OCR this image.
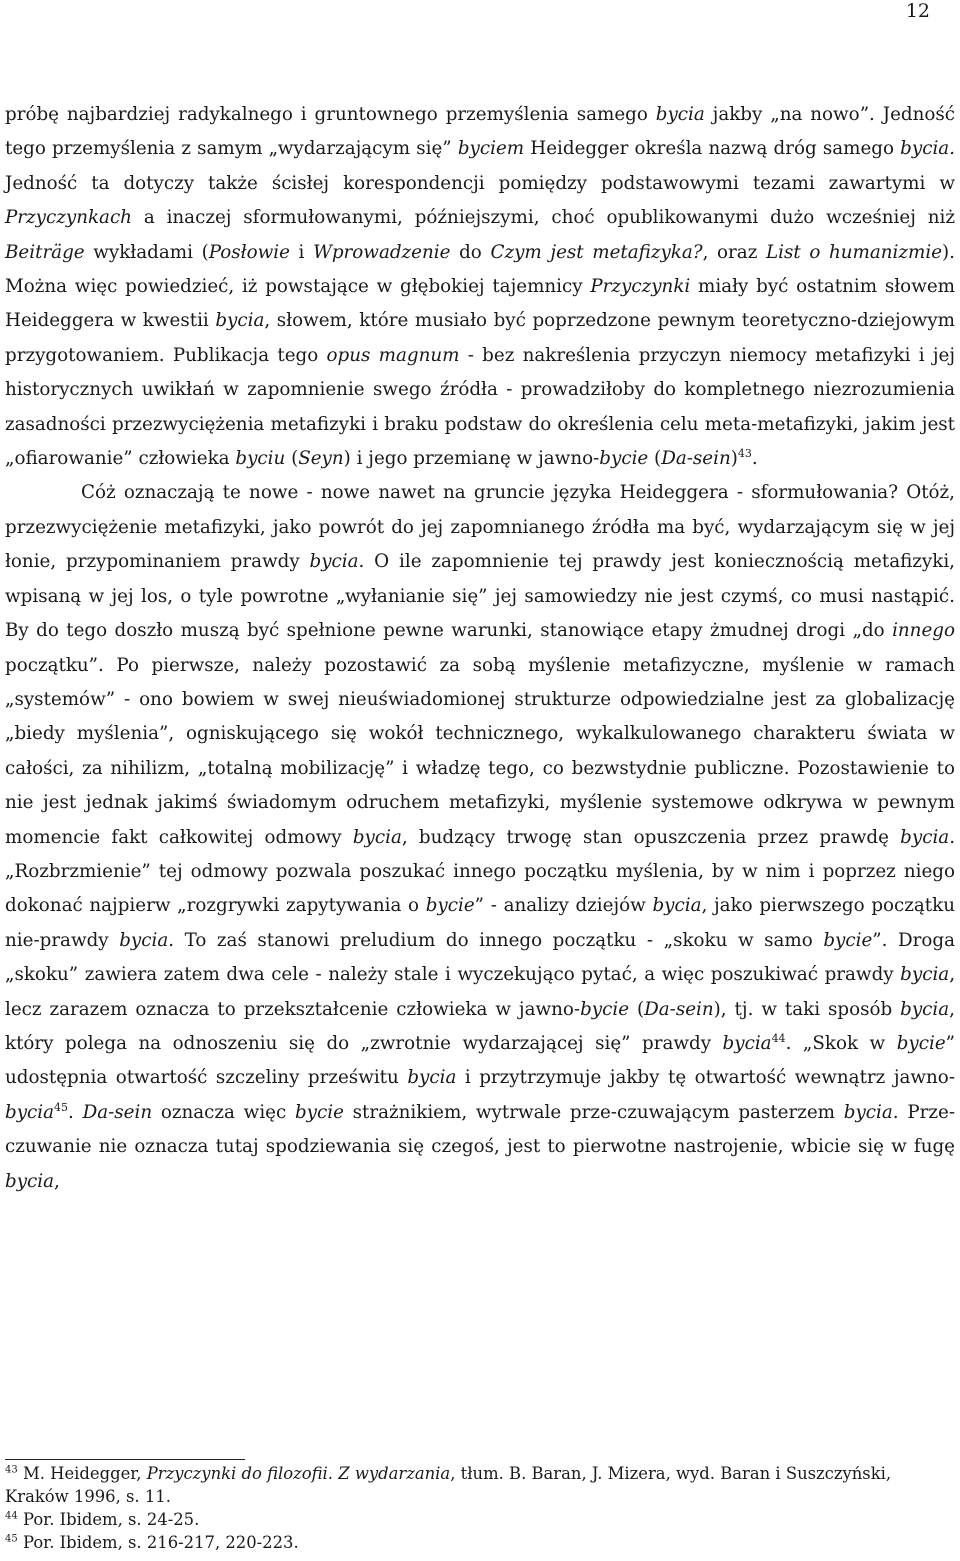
12

próbę najbardziej radykalnego i gruntownego przemyślenia samego bycia jakby „na nowo”. Jedność tego przemyślenia z samym „wydarzającym się” byciem Heidegger określa nazwą dróg samego bycia. Jedność ta dotyczy także ścisłej korespondencji pomiędzy podstawowymi tezami zawartymi w Przyczynkach a inaczej sformułowanymi, późniejszymi, choć opublikowanymi dużo wcześniej niż Beiträge wykładami (Posłowie i Wprowadzenie do Czym jest metafizyka?, oraz List o humanizmie). Można więc powiedzieć, iż powstające w głębokiej tajemnicy Przyczynki miały być ostatnim słowem Heideggera w kwestii bycia, słowem, które musiało być poprzedzone pewnym teoretyczno-dziejowym przygotowaniem. Publikacja tego opus magnum - bez nakreślenia przyczyn niemocy metafizyki i jej historycznych uwikłań w zapomnienie swego źródła - prowadziłoby do kompletnego niezrozumienia zasadności przezwyciężenia metafizyki i braku podstaw do określenia celu meta-metafizyki, jakim jest „ofiarowanie” człowieka byciu (Seyn) i jego przemianę w jawno-bycie (Da-sein)$^{43}$.

Cóż oznaczają te nowe - nowe nawet na gruncie języka Heideggera - sformułowania? Otóż, przezwyciężenie metafizyki, jako powrót do jej zapomnianego źródła ma być, wydarzającym się w jej łonie, przypominaniem prawdy bycia. O ile zapomnienie tej prawdy jest koniecznością metafizyki, wpisaną w jej los, o tyle powrotne „wyłanianie się” jej samowiedzy nie jest czymś, co musi nastąpić. By do tego doszło muszą być spełnione pewne warunki, stanowiące etapy żmudnej drogi „do innego początku”. Po pierwsze, należy pozostawić za sobą myślenie metafizyczne, myślenie w ramach „systemów” - ono bowiem w swej nieuświadomionej strukturze odpowiedzialne jest za globalizację „biedy myślenia”, ogniskującego się wokół technicznego, wykalkulowanego charakteru świata w całości, za nihilizm, „totalną mobilizację” i władzę tego, co bezwstydnie publiczne. Pozostawienie to nie jest jednak jakimś świadomym odruchem metafizyki, myślenie systemowe odkrywa w pewnym momencie fakt całkowitej odmowy bycia, budzący trwogę stan opuszczenia przez prawdę bycia. „Rozbrzmienie” tej odmowy pozwala poszukać innego początku myślenia, by w nim i poprzez niego dokonać najpierw „rozgrywki zapytywania o bycie” - analizy dziejów bycia, jako pierwszego początku nie-prawdy bycia. To zaś stanowi preludium do innego początku - „skoku w samo bycie”. Droga „skoku” zawiera zatem dwa cele - należy stale i wyczekująco pytać, a więc poszukiwać prawdy bycia, lecz zarazem oznacza to przekształcenie człowieka w jawno-bycie (Da-sein), tj. w taki sposób bycia, który polega na odnoszeniu się do „zwrotnie wydarzającej się” prawdy bycia$^{44}$. „Skok w bycie” udostępnia otwartość szczeliny prześwitu bycia i przytrzymuje jakby tę otwartość wewnątrz jawno-bycia$^{45}$. Da-sein oznacza więc bycie strażnikiem, wytrwale prze-czuwającym pasterzem bycia. Prze-czuwanie nie oznacza tutaj spodziewania się czegoś, jest to pierwotne nastrojenie, wbicie się w fugę bycia,

$^{43}$ M. Heidegger, Przyczynki do filozofii. Z wydarzania, tłum. B. Baran, J. Mizera, wyd. Baran i Suszczyński, Kraków 1996, s. 11.

$^{44}$ Por. Ibidem, s. 24-25.

$^{45}$ Por. Ibidem, s. 216-217, 220-223.
